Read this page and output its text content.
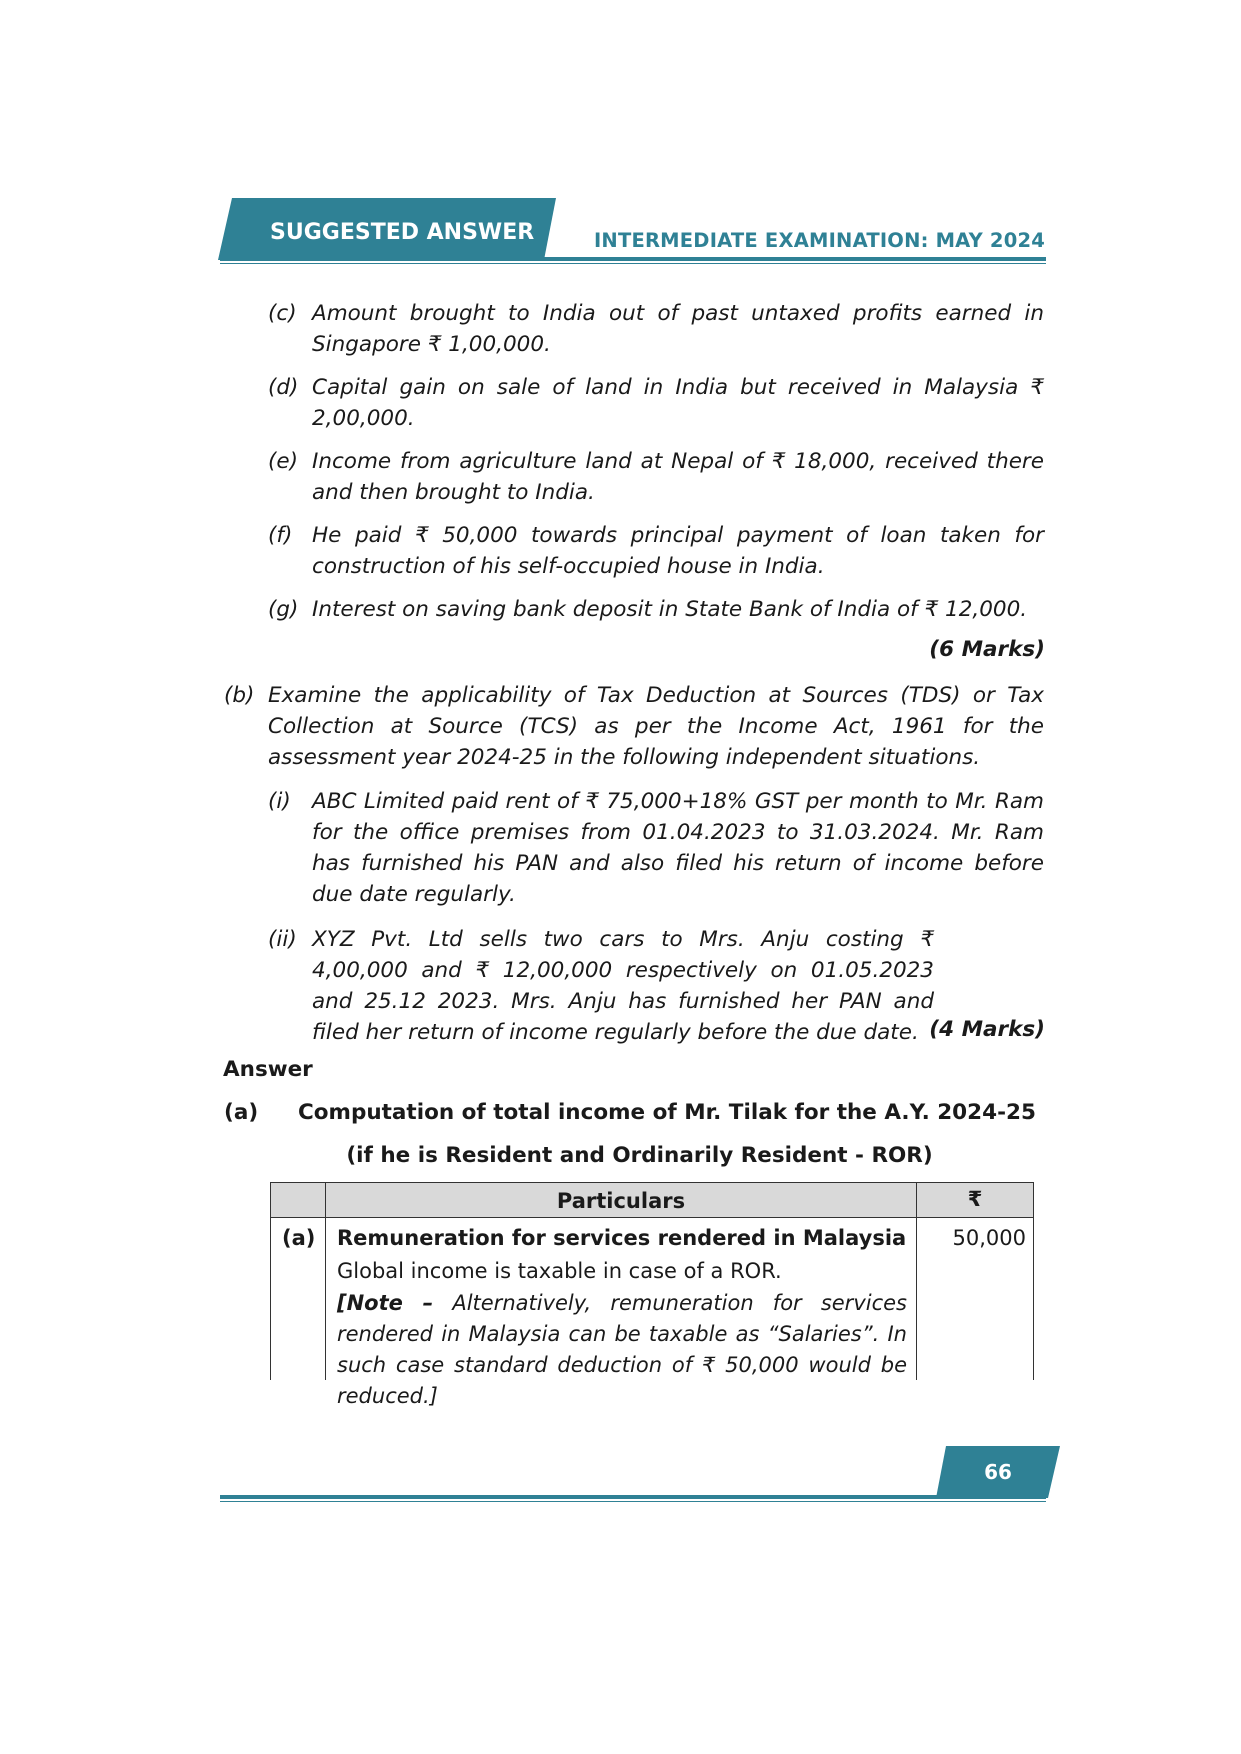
SUGGESTED ANSWER	INTERMEDIATE EXAMINATION: MAY 2024
(c) Amount brought to India out of past untaxed profits earned in Singapore ₹ 1,00,000.
(d) Capital gain on sale of land in India but received in Malaysia ₹ 2,00,000.
(e) Income from agriculture land at Nepal of ₹ 18,000, received there and then brought to India.
(f) He paid ₹ 50,000 towards principal payment of loan taken for construction of his self-occupied house in India.
(g) Interest on saving bank deposit in State Bank of India of ₹ 12,000.
(6 Marks)
(b) Examine the applicability of Tax Deduction at Sources (TDS) or Tax Collection at Source (TCS) as per the Income Act, 1961 for the assessment year 2024-25 in the following independent situations.
(i) ABC Limited paid rent of ₹ 75,000+18% GST per month to Mr. Ram for the office premises from 01.04.2023 to 31.03.2024. Mr. Ram has furnished his PAN and also filed his return of income before due date regularly.
(ii) XYZ Pvt. Ltd sells two cars to Mrs. Anju costing ₹ 4,00,000 and ₹ 12,00,000 respectively on 01.05.2023 and 25.12 2023. Mrs. Anju has furnished her PAN and filed her return of income regularly before the due date. (4 Marks)
Answer
(a) Computation of total income of Mr. Tilak for the A.Y. 2024-25
(if he is Resident and Ordinarily Resident - ROR)
Particulars	₹
(a) Remuneration for services rendered in Malaysia	50,000
Global income is taxable in case of a ROR.
[Note – Alternatively, remuneration for services rendered in Malaysia can be taxable as “Salaries”. In such case standard deduction of ₹ 50,000 would be reduced.]
66
